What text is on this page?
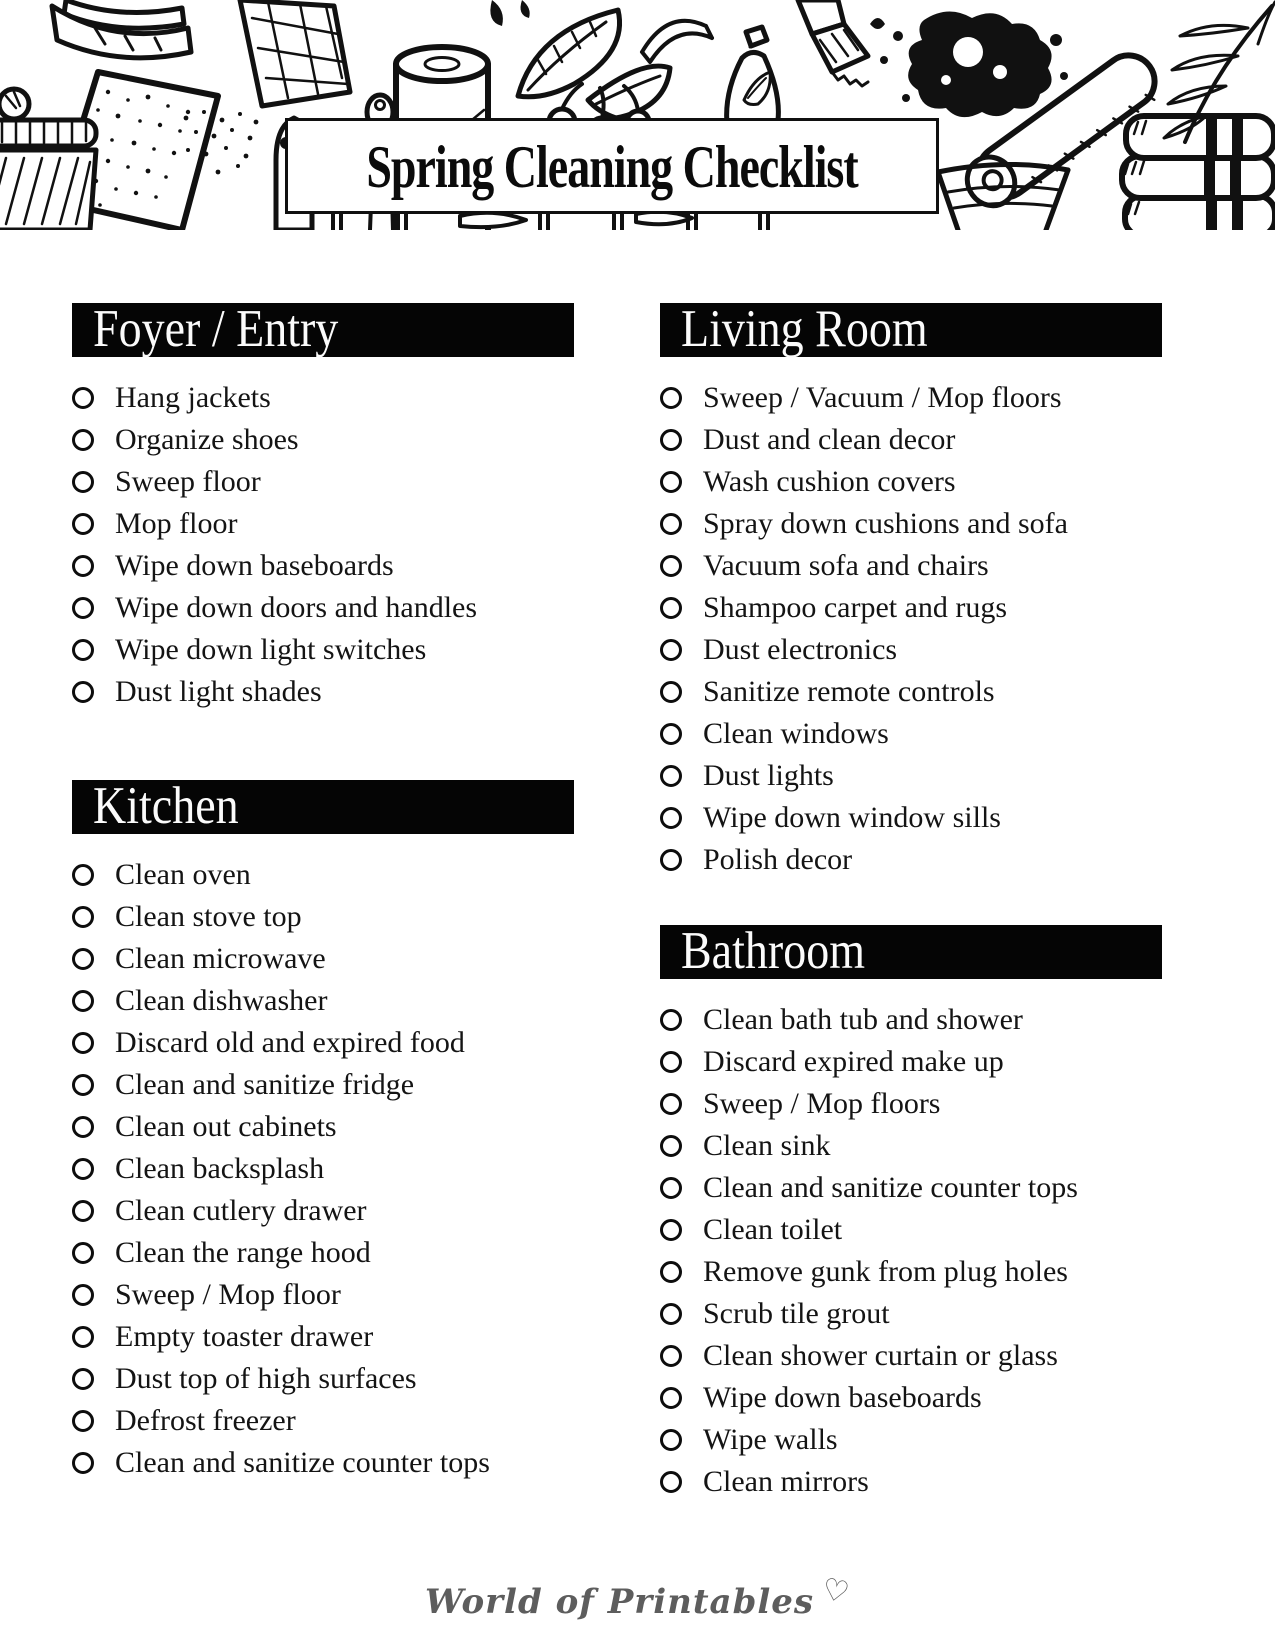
Spring Cleaning Checklist
Foyer / Entry
Hang jackets
Organize shoes
Sweep floor
Mop floor
Wipe down baseboards
Wipe down doors and handles
Wipe down light switches
Dust light shades
Kitchen
Clean oven
Clean stove top
Clean microwave
Clean dishwasher
Discard old and expired food
Clean and sanitize fridge
Clean out cabinets
Clean backsplash
Clean cutlery drawer
Clean the range hood
Sweep / Mop floor
Empty toaster drawer
Dust top of high surfaces
Defrost freezer
Clean and sanitize counter tops
Living Room
Sweep / Vacuum / Mop floors
Dust and clean decor
Wash cushion covers
Spray down cushions and sofa
Vacuum sofa and chairs
Shampoo carpet and rugs
Dust electronics
Sanitize remote controls
Clean windows
Dust lights
Wipe down window sills
Polish decor
Bathroom
Clean bath tub and shower
Discard expired make up
Sweep / Mop floors
Clean sink
Clean and sanitize counter tops
Clean toilet
Remove gunk from plug holes
Scrub tile grout
Clean shower curtain or glass
Wipe down baseboards
Wipe walls
Clean mirrors
World of Printables ♡
